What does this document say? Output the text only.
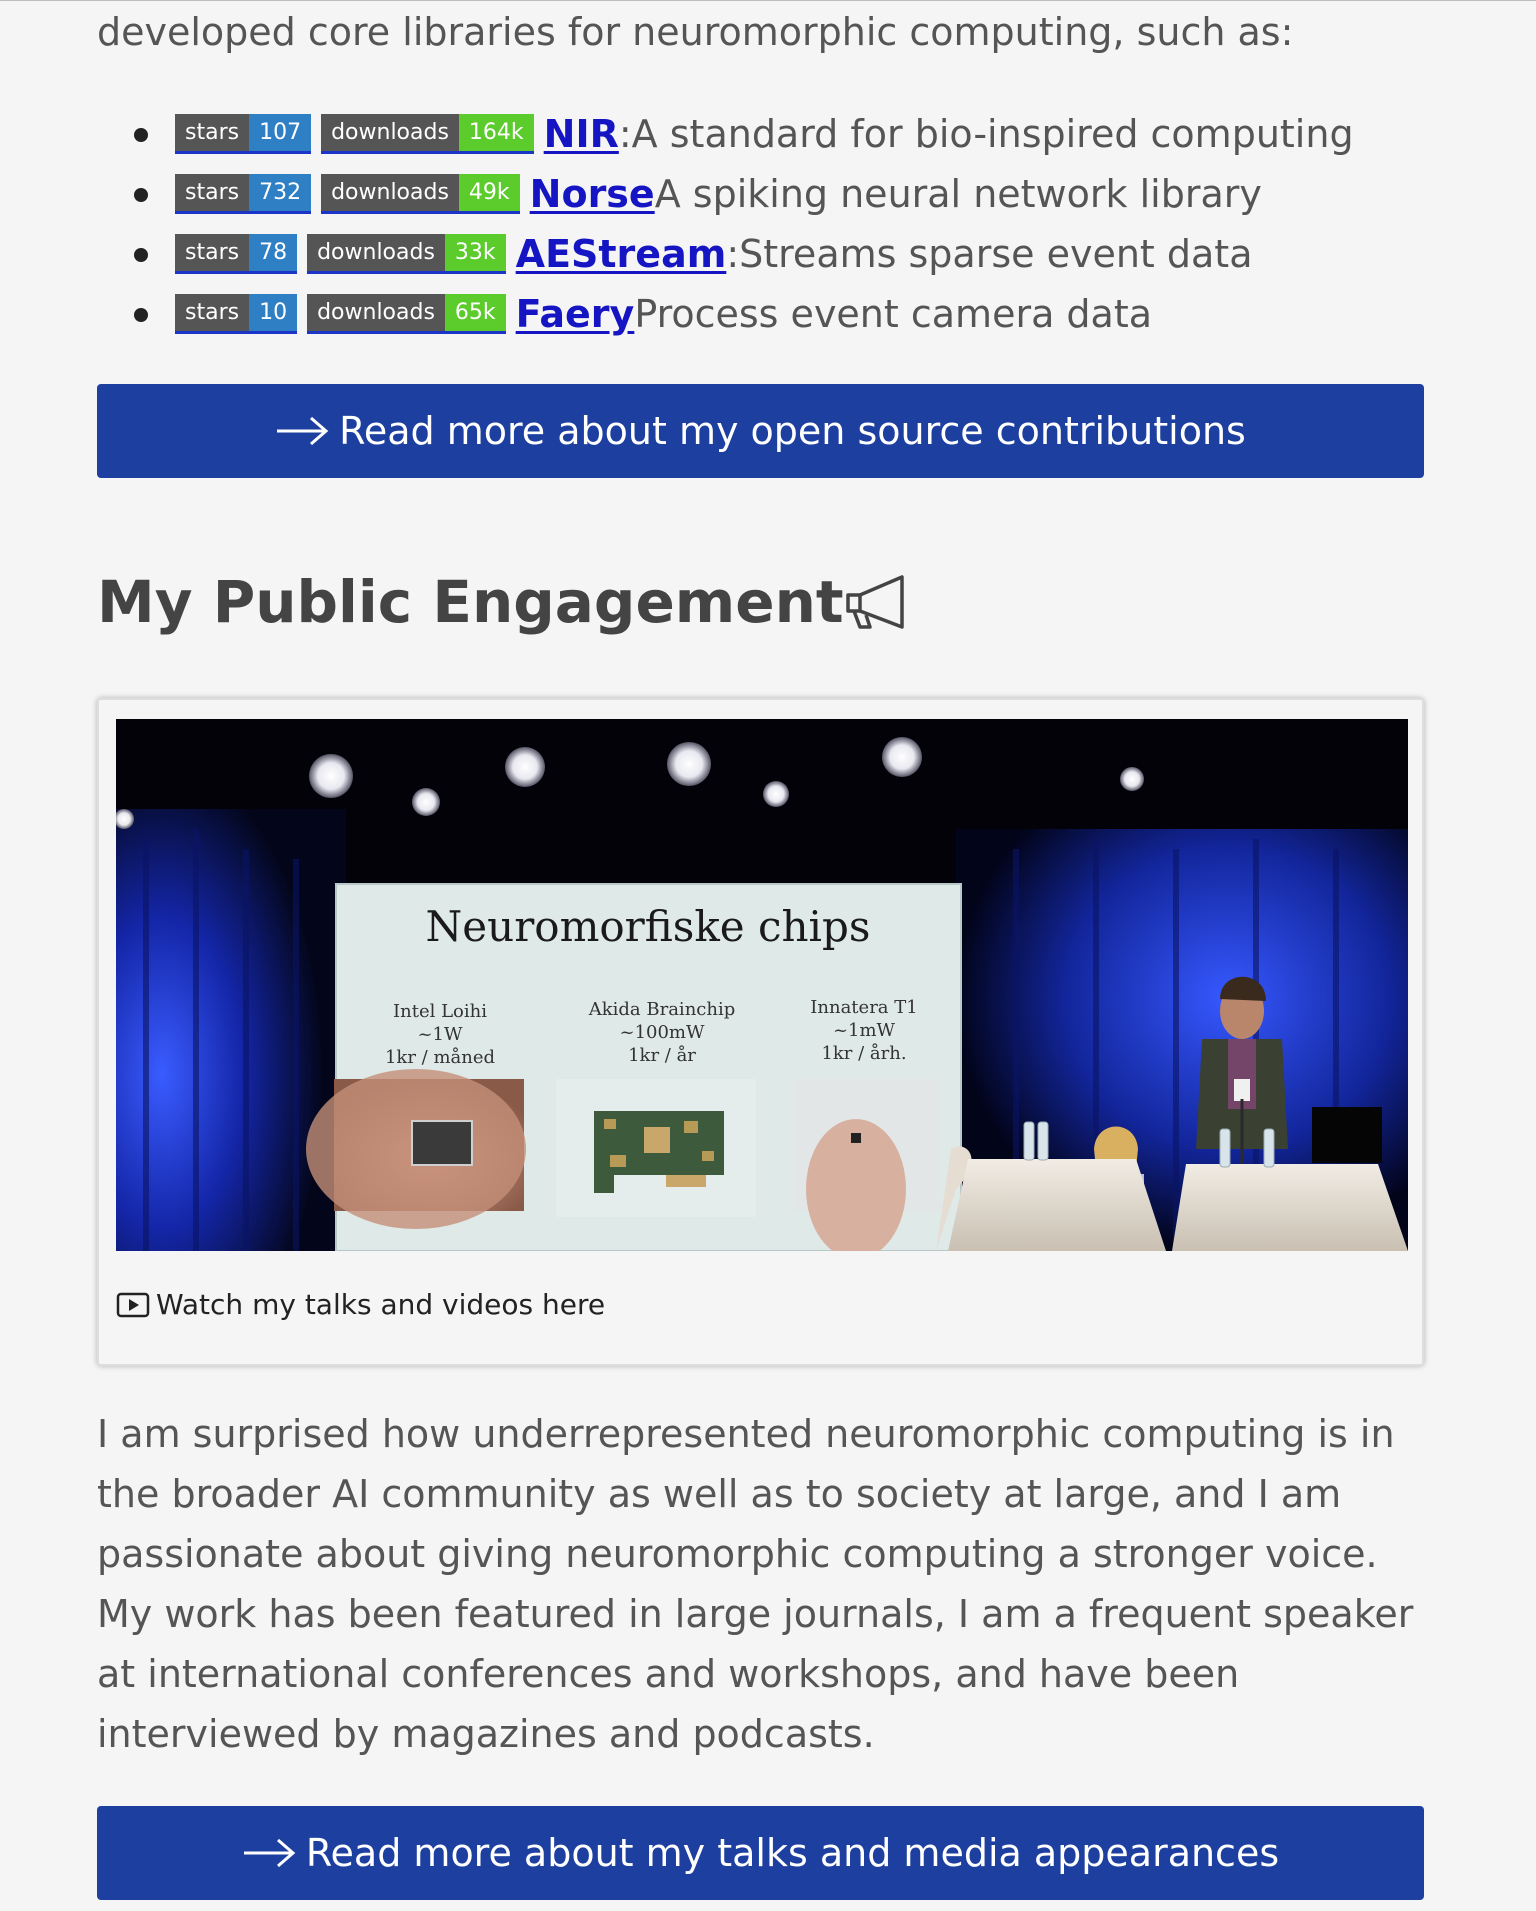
developed core libraries for neuromorphic computing, such as:

stars 107	downloads 164k NIR : A standard for bio-inspired computing
stars 732	downloads 49k Norse A spiking neural network library
stars 78	downloads 33k AEStream : Streams sparse event data
stars 10	downloads 65k Faery Process event camera data
Read more about my open source contributions
My Public Engagement
Neuromorfiske chips
Intel Loihi
~1W
1kr / måned
Akida Brainchip
~100mW
1kr / år
Innatera T1
~1mW
1kr / årh.
Watch my talks and videos here

I am surprised how underrepresented neuromorphic computing is in the broader AI community as well as to society at large, and I am passionate about giving neuromorphic computing a stronger voice. My work has been featured in large journals, I am a frequent speaker at international conferences and workshops, and have been interviewed by magazines and podcasts.

Read more about my talks and media appearances
